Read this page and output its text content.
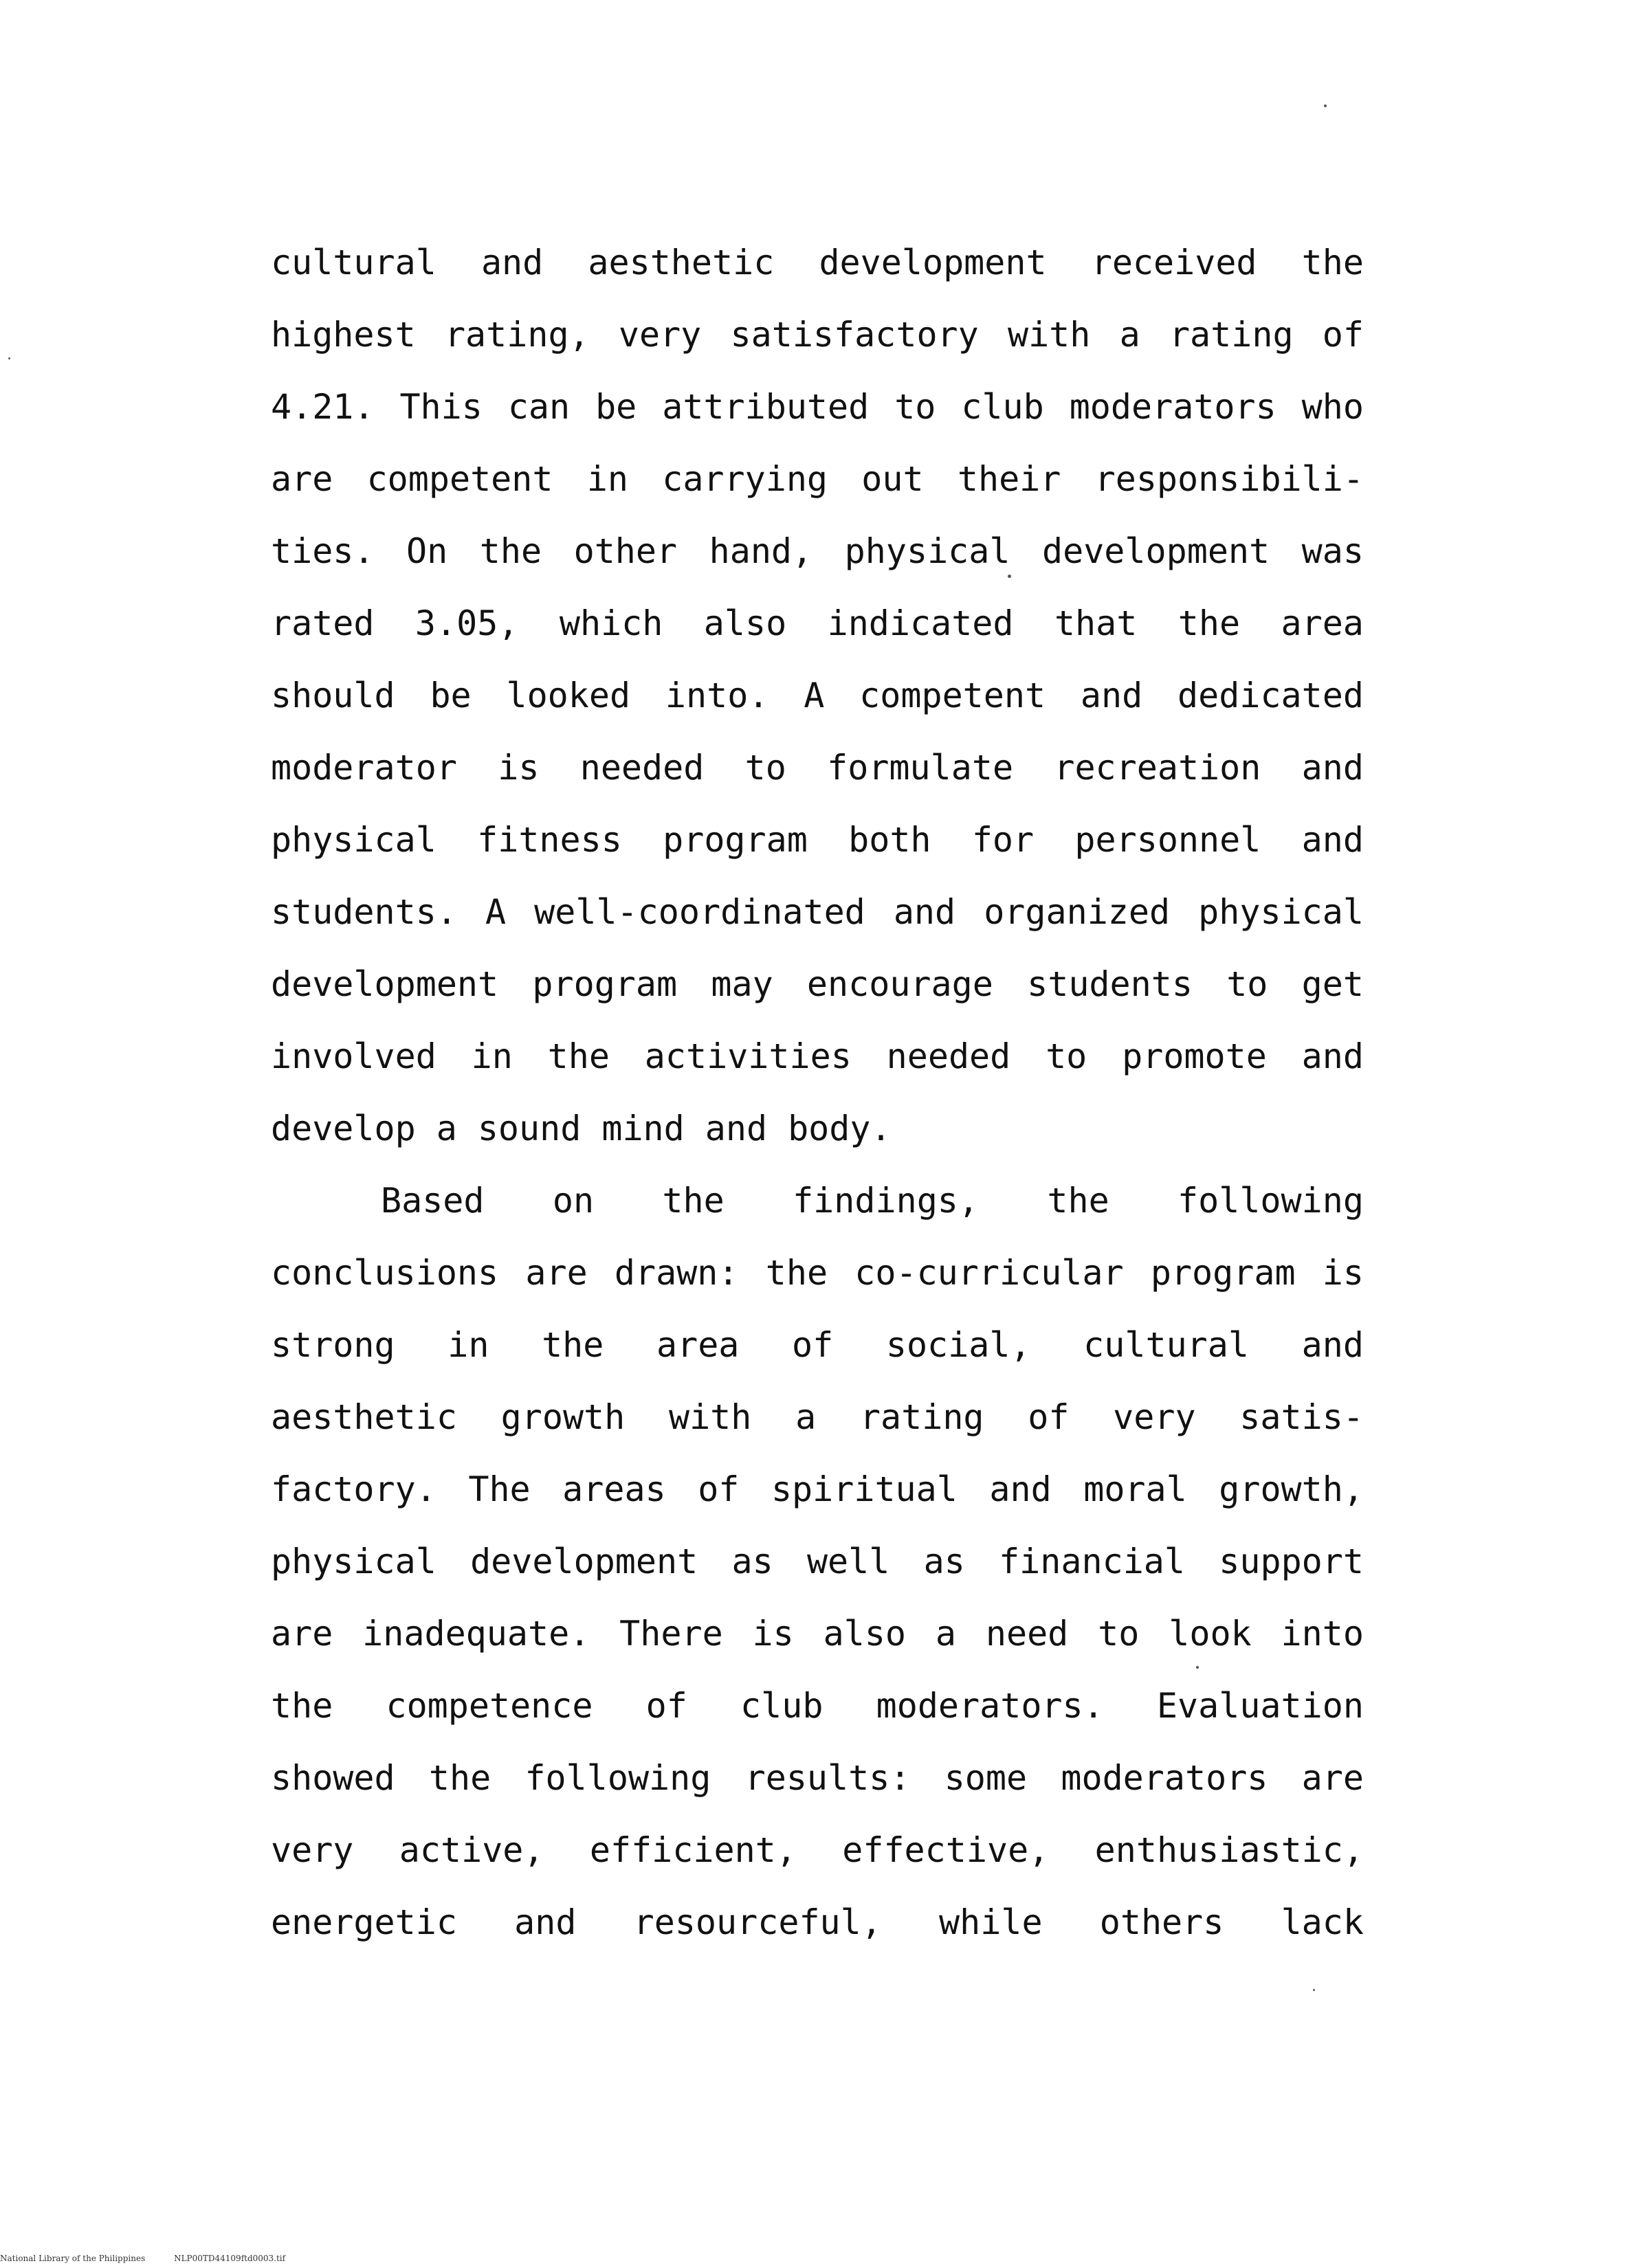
cultural and aesthetic development received the
highest rating, very satisfactory with a rating of
4.21. This can be attributed to club moderators who
are competent in carrying out their responsibili-
ties. On the other hand, physical development was
rated 3.05, which also indicated that the area
should be looked into. A competent and dedicated
moderator is needed to formulate recreation and
physical fitness program both for personnel and
students. A well-coordinated and organized physical
development program may encourage students to get
involved in the activities needed to promote and
develop a sound mind and body.
Based on the findings, the following
conclusions are drawn: the co-curricular program is
strong in the area of social, cultural and
aesthetic growth with a rating of very satis-
factory. The areas of spiritual and moral growth,
physical development as well as financial support
are inadequate. There is also a need to look into
the competence of club moderators. Evaluation
showed the following results: some moderators are
very active, efficient, effective, enthusiastic,
energetic and resourceful, while others lack
National Library of the Philippines	NLP00TD44109ftd0003.tif
